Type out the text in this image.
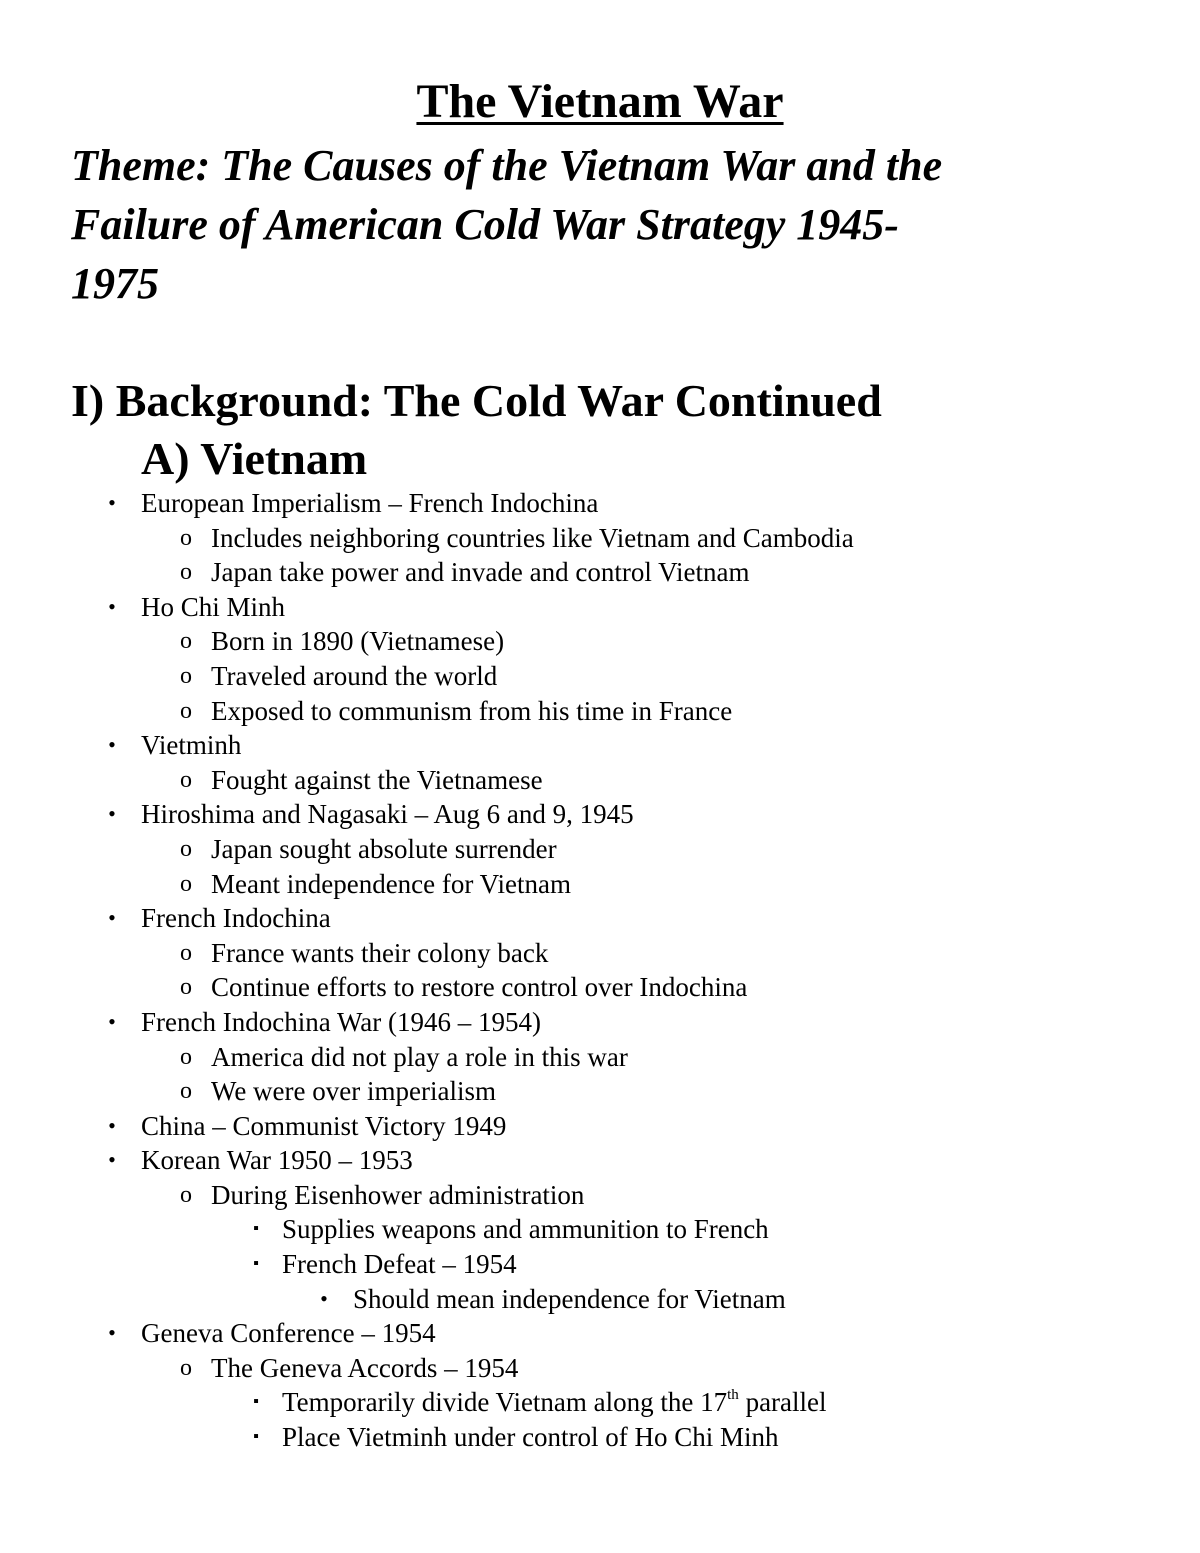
The Vietnam War
Theme: The Causes of the Vietnam War and the
Failure of American Cold War Strategy 1945-
1975
I) Background: The Cold War Continued
A) Vietnam
• European Imperialism – French Indochina
o Includes neighboring countries like Vietnam and Cambodia
o Japan take power and invade and control Vietnam
• Ho Chi Minh
o Born in 1890 (Vietnamese)
o Traveled around the world
o Exposed to communism from his time in France
• Vietminh
o Fought against the Vietnamese
• Hiroshima and Nagasaki – Aug 6 and 9, 1945
o Japan sought absolute surrender
o Meant independence for Vietnam
• French Indochina
o France wants their colony back
o Continue efforts to restore control over Indochina
• French Indochina War (1946 – 1954)
o America did not play a role in this war
o We were over imperialism
• China – Communist Victory 1949
• Korean War 1950 – 1953
o During Eisenhower administration
▪ Supplies weapons and ammunition to French
▪ French Defeat – 1954
• Should mean independence for Vietnam
• Geneva Conference – 1954
o The Geneva Accords – 1954
▪ Temporarily divide Vietnam along the 17th parallel
▪ Place Vietminh under control of Ho Chi Minh
